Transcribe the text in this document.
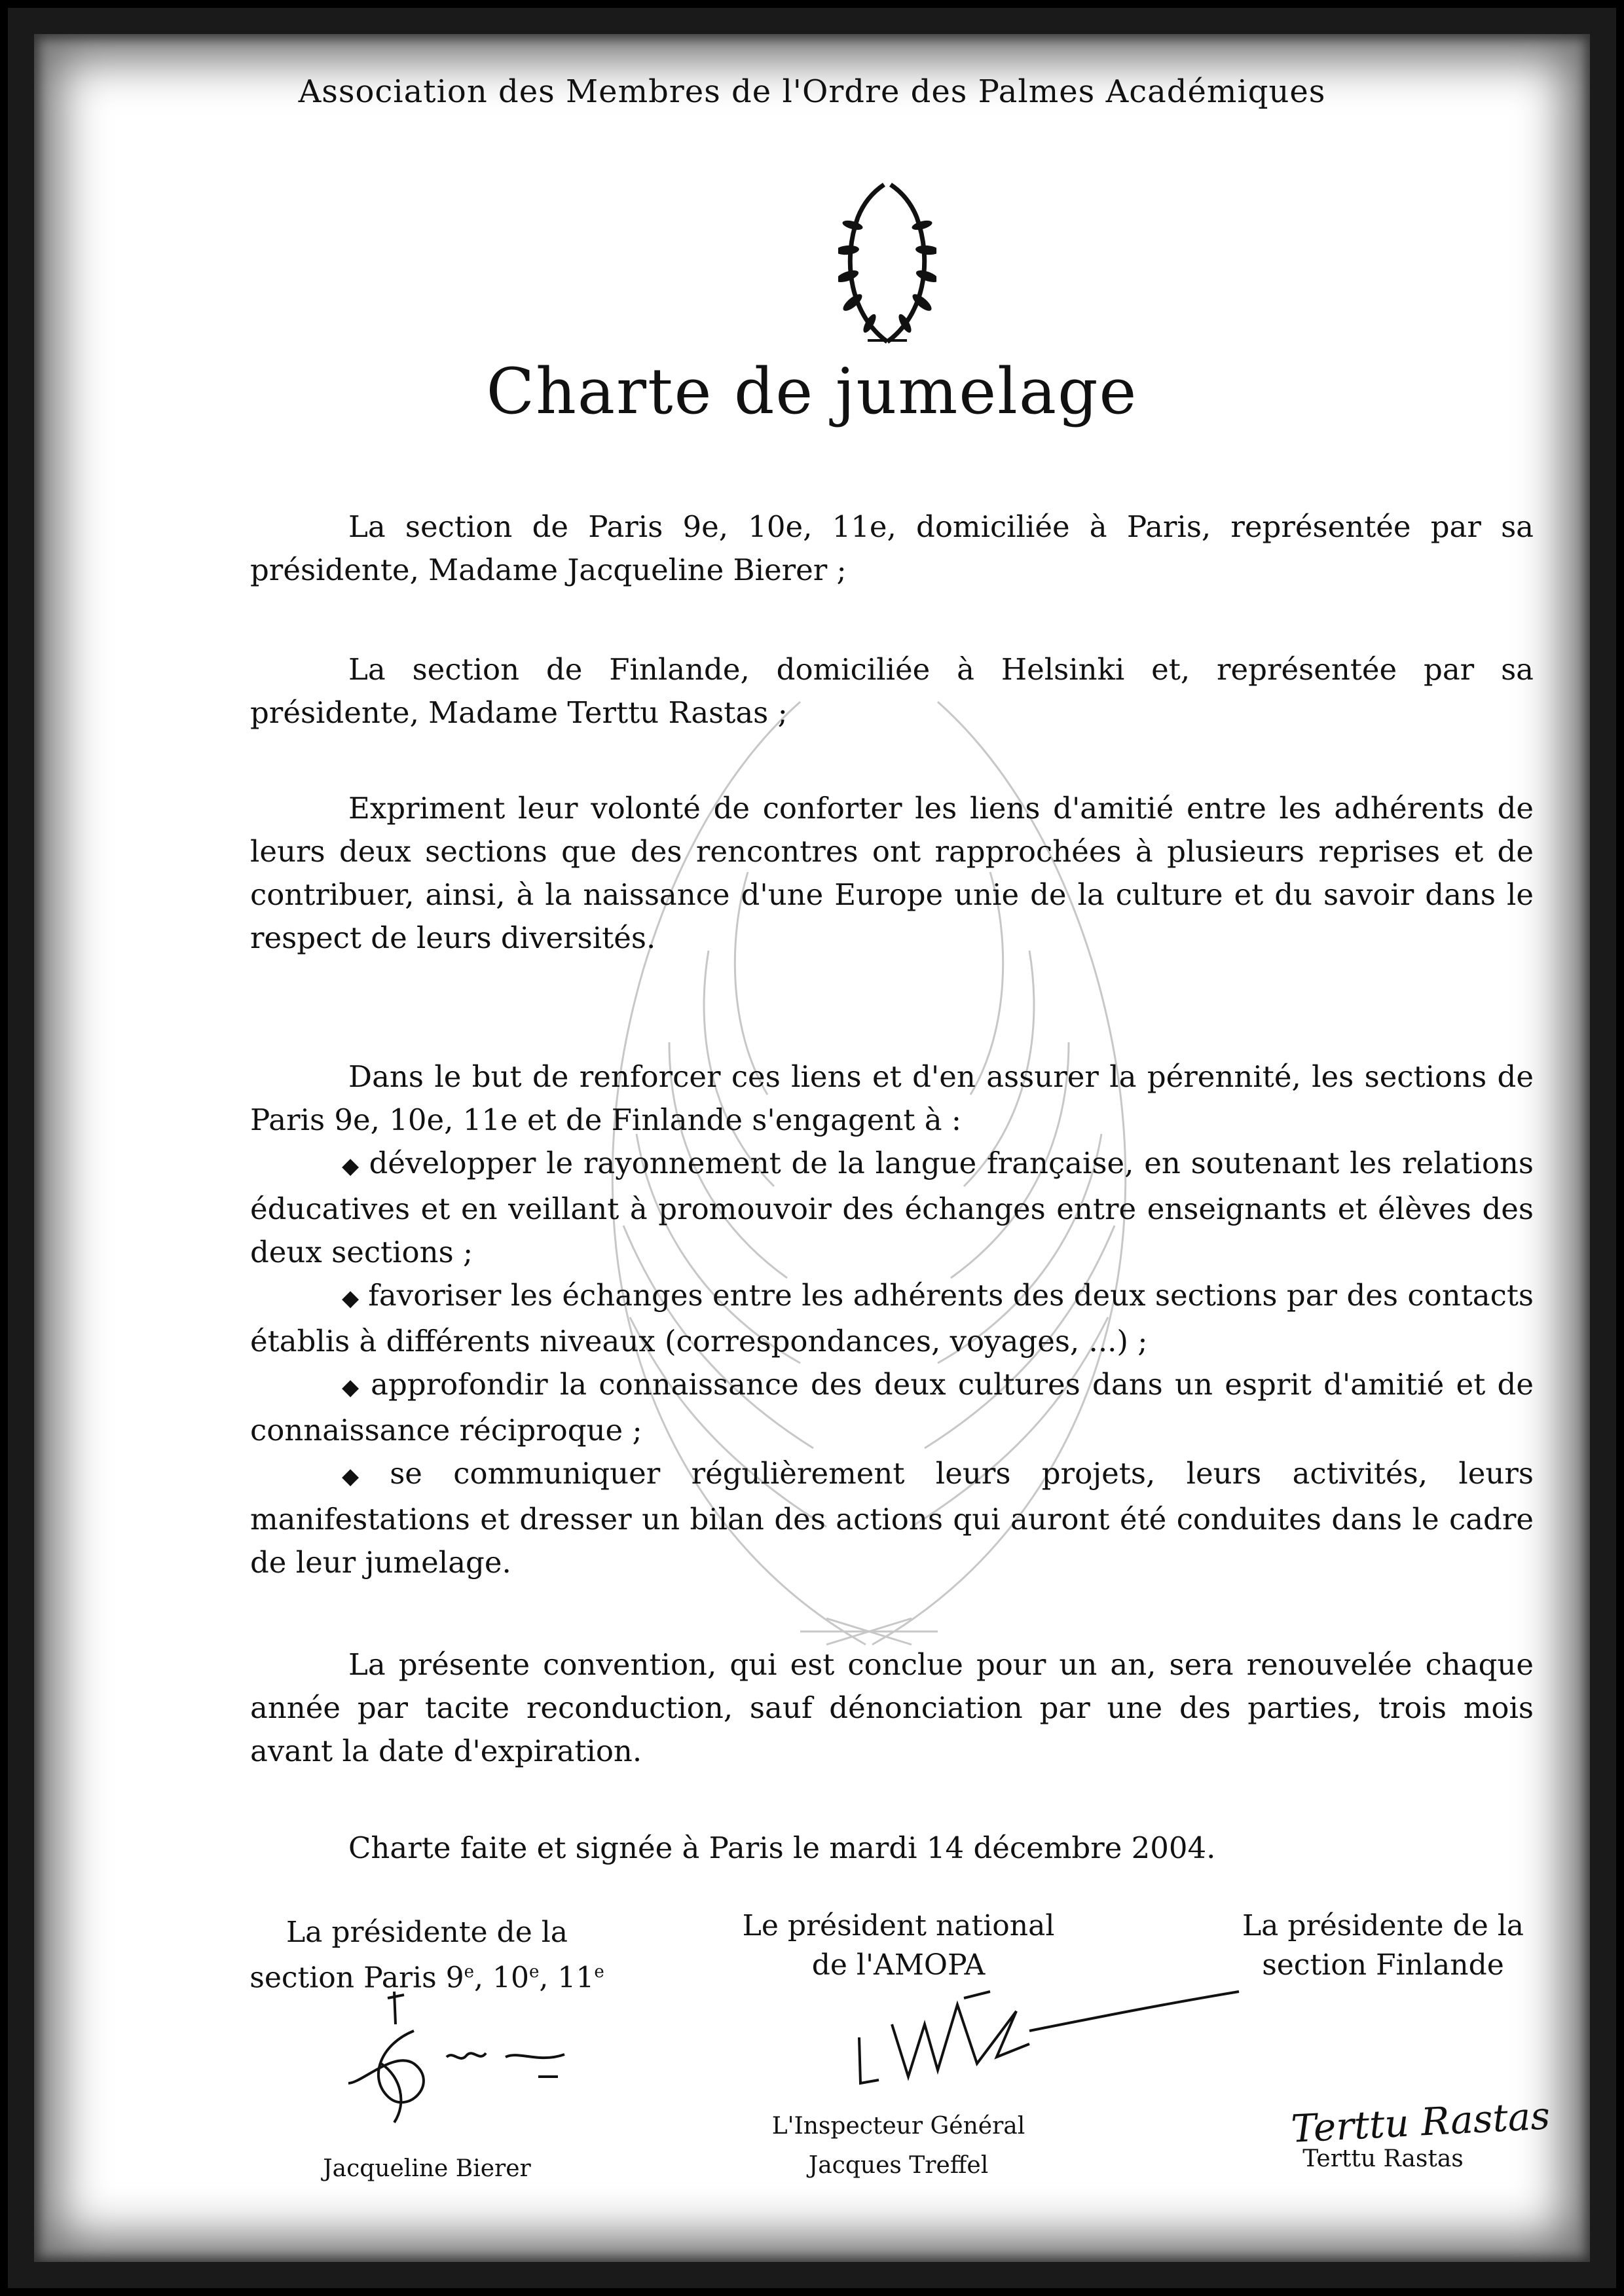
Association des Membres de l'Ordre des Palmes Académiques
Charte de jumelage
La section de Paris 9e, 10e, 11e, domiciliée à Paris, représentée par sa présidente, Madame Jacqueline Bierer ;
La section de Finlande, domiciliée à Helsinki et, représentée par sa présidente, Madame Terttu Rastas ;
Expriment leur volonté de conforter les liens d'amitié entre les adhérents de leurs deux sections que des rencontres ont rapprochées à plusieurs reprises et de contribuer, ainsi, à la naissance d'une Europe unie de la culture et du savoir dans le respect de leurs diversités.
Dans le but de renforcer ces liens et d'en assurer la pérennité, les sections de Paris 9e, 10e, 11e et de Finlande s'engagent à :
◆ développer le rayonnement de la langue française, en soutenant les relations éducatives et en veillant à promouvoir des échanges entre enseignants et élèves des deux sections ;
◆ favoriser les échanges entre les adhérents des deux sections par des contacts établis à différents niveaux (correspondances, voyages, ...) ;
◆ approfondir la connaissance des deux cultures dans un esprit d'amitié et de connaissance réciproque ;
◆ se communiquer régulièrement leurs projets, leurs activités, leurs manifestations et dresser un bilan des actions qui auront été conduites dans le cadre de leur jumelage.
La présente convention, qui est conclue pour un an, sera renouvelée chaque année par tacite reconduction, sauf dénonciation par une des parties, trois mois avant la date d'expiration.
Charte faite et signée à Paris le mardi 14 décembre 2004.
La présidente de la
section Paris 9e, 10e, 11e
Le président national
de l'AMOPA
La présidente de la
section Finlande
Jacqueline Bierer
L'Inspecteur Général
Jacques Treffel
Terttu Rastas
Terttu Rastas
